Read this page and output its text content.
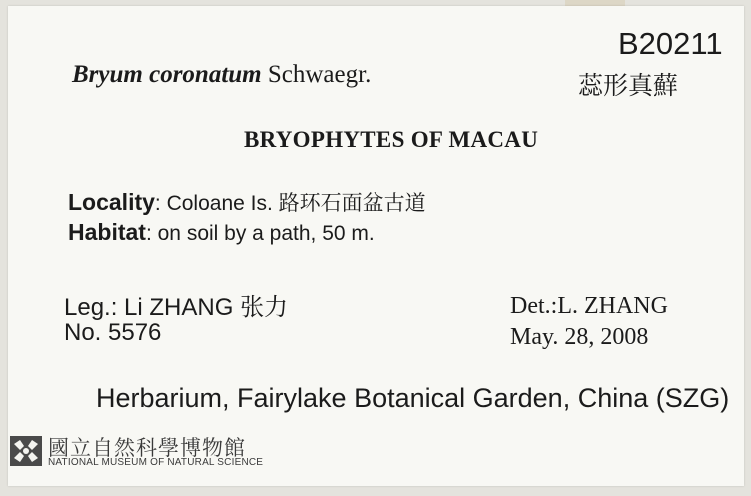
B20211
Bryum coronatum Schwaegr.	蕊形真蘚
BRYOPHYTES OF MACAU
Locality: Coloane Is. 路环石面盆古道
Habitat: on soil by a path, 50 m.
Leg.: Li ZHANG 张力
No. 5576
Det.:L. ZHANG
May. 28, 2008
Herbarium, Fairylake Botanical Garden, China (SZG)
國立自然科學博物館
NATIONAL MUSEUM OF NATURAL SCIENCE
